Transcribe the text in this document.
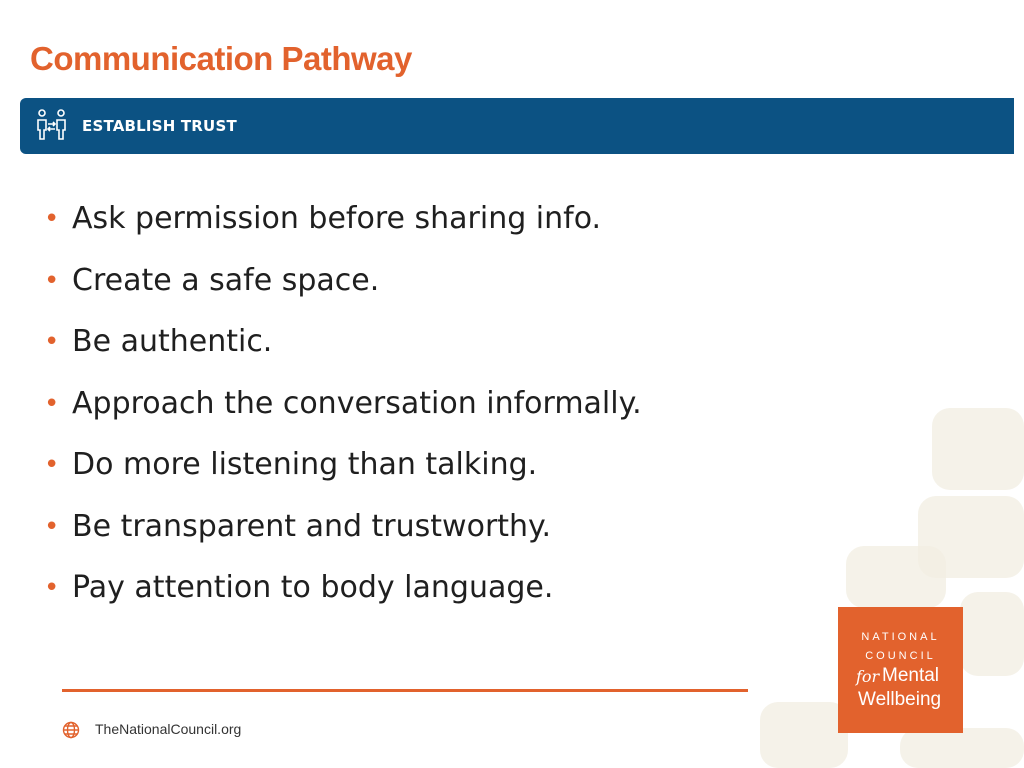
Communication Pathway
ESTABLISH TRUST
• Ask permission before sharing info.
• Create a safe space.
• Be authentic.
• Approach the conversation informally.
• Do more listening than talking.
• Be transparent and trustworthy.
• Pay attention to body language.
TheNationalCouncil.org
NATIONAL
COUNCIL
for Mental
Wellbeing
